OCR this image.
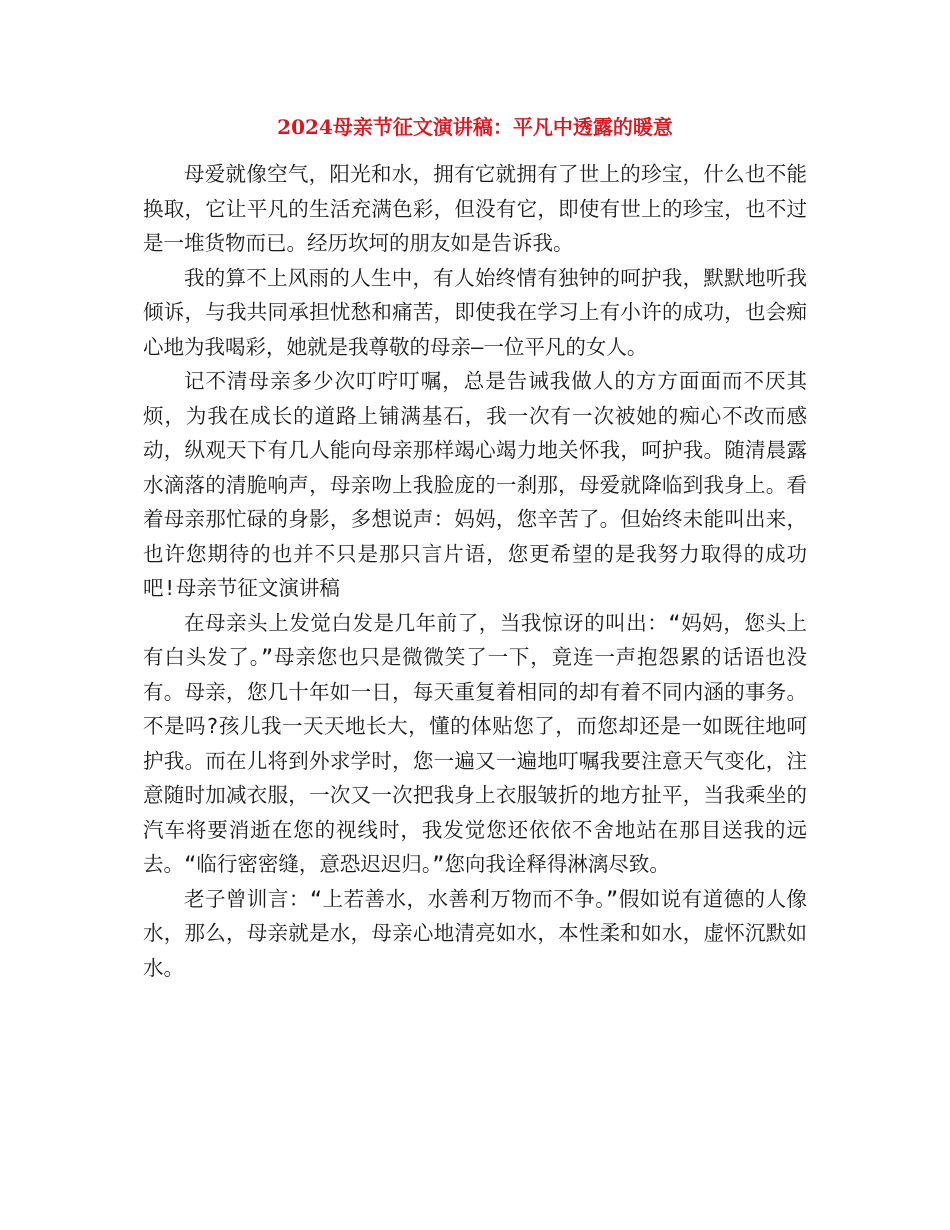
2024母亲节征文演讲稿：平凡中透露的暖意

母爱就像空气，阳光和水，拥有它就拥有了世上的珍宝，什么也不能换取，它让平凡的生活充满色彩，但没有它，即使有世上的珍宝，也不过是一堆货物而已。经历坎坷的朋友如是告诉我。

我的算不上风雨的人生中，有人始终情有独钟的呵护我，默默地听我倾诉，与我共同承担忧愁和痛苦，即使我在学习上有小许的成功，也会痴心地为我喝彩，她就是我尊敬的母亲—一位平凡的女人。

记不清母亲多少次叮咛叮嘱，总是告诫我做人的方方面面而不厌其烦，为我在成长的道路上铺满基石，我一次有一次被她的痴心不改而感动，纵观天下有几人能向母亲那样竭心竭力地关怀我，呵护我。随清晨露水滴落的清脆响声，母亲吻上我脸庞的一刹那，母爱就降临到我身上。看着母亲那忙碌的身影，多想说声：妈妈，您辛苦了。但始终未能叫出来，也许您期待的也并不只是那只言片语，您更希望的是我努力取得的成功吧!母亲节征文演讲稿

在母亲头上发觉白发是几年前了，当我惊讶的叫出：“妈妈，您头上有白头发了。”母亲您也只是微微笑了一下，竟连一声抱怨累的话语也没有。母亲，您几十年如一日，每天重复着相同的却有着不同内涵的事务。不是吗?孩儿我一天天地长大，懂的体贴您了，而您却还是一如既往地呵护我。而在儿将到外求学时，您一遍又一遍地叮嘱我要注意天气变化，注意随时加减衣服，一次又一次把我身上衣服皱折的地方扯平，当我乘坐的汽车将要消逝在您的视线时，我发觉您还依依不舍地站在那目送我的远去。“临行密密缝，意恐迟迟归。”您向我诠释得淋漓尽致。

老子曾训言：“上若善水，水善利万物而不争。”假如说有道德的人像水，那么，母亲就是水，母亲心地清亮如水，本性柔和如水，虚怀沉默如水。
